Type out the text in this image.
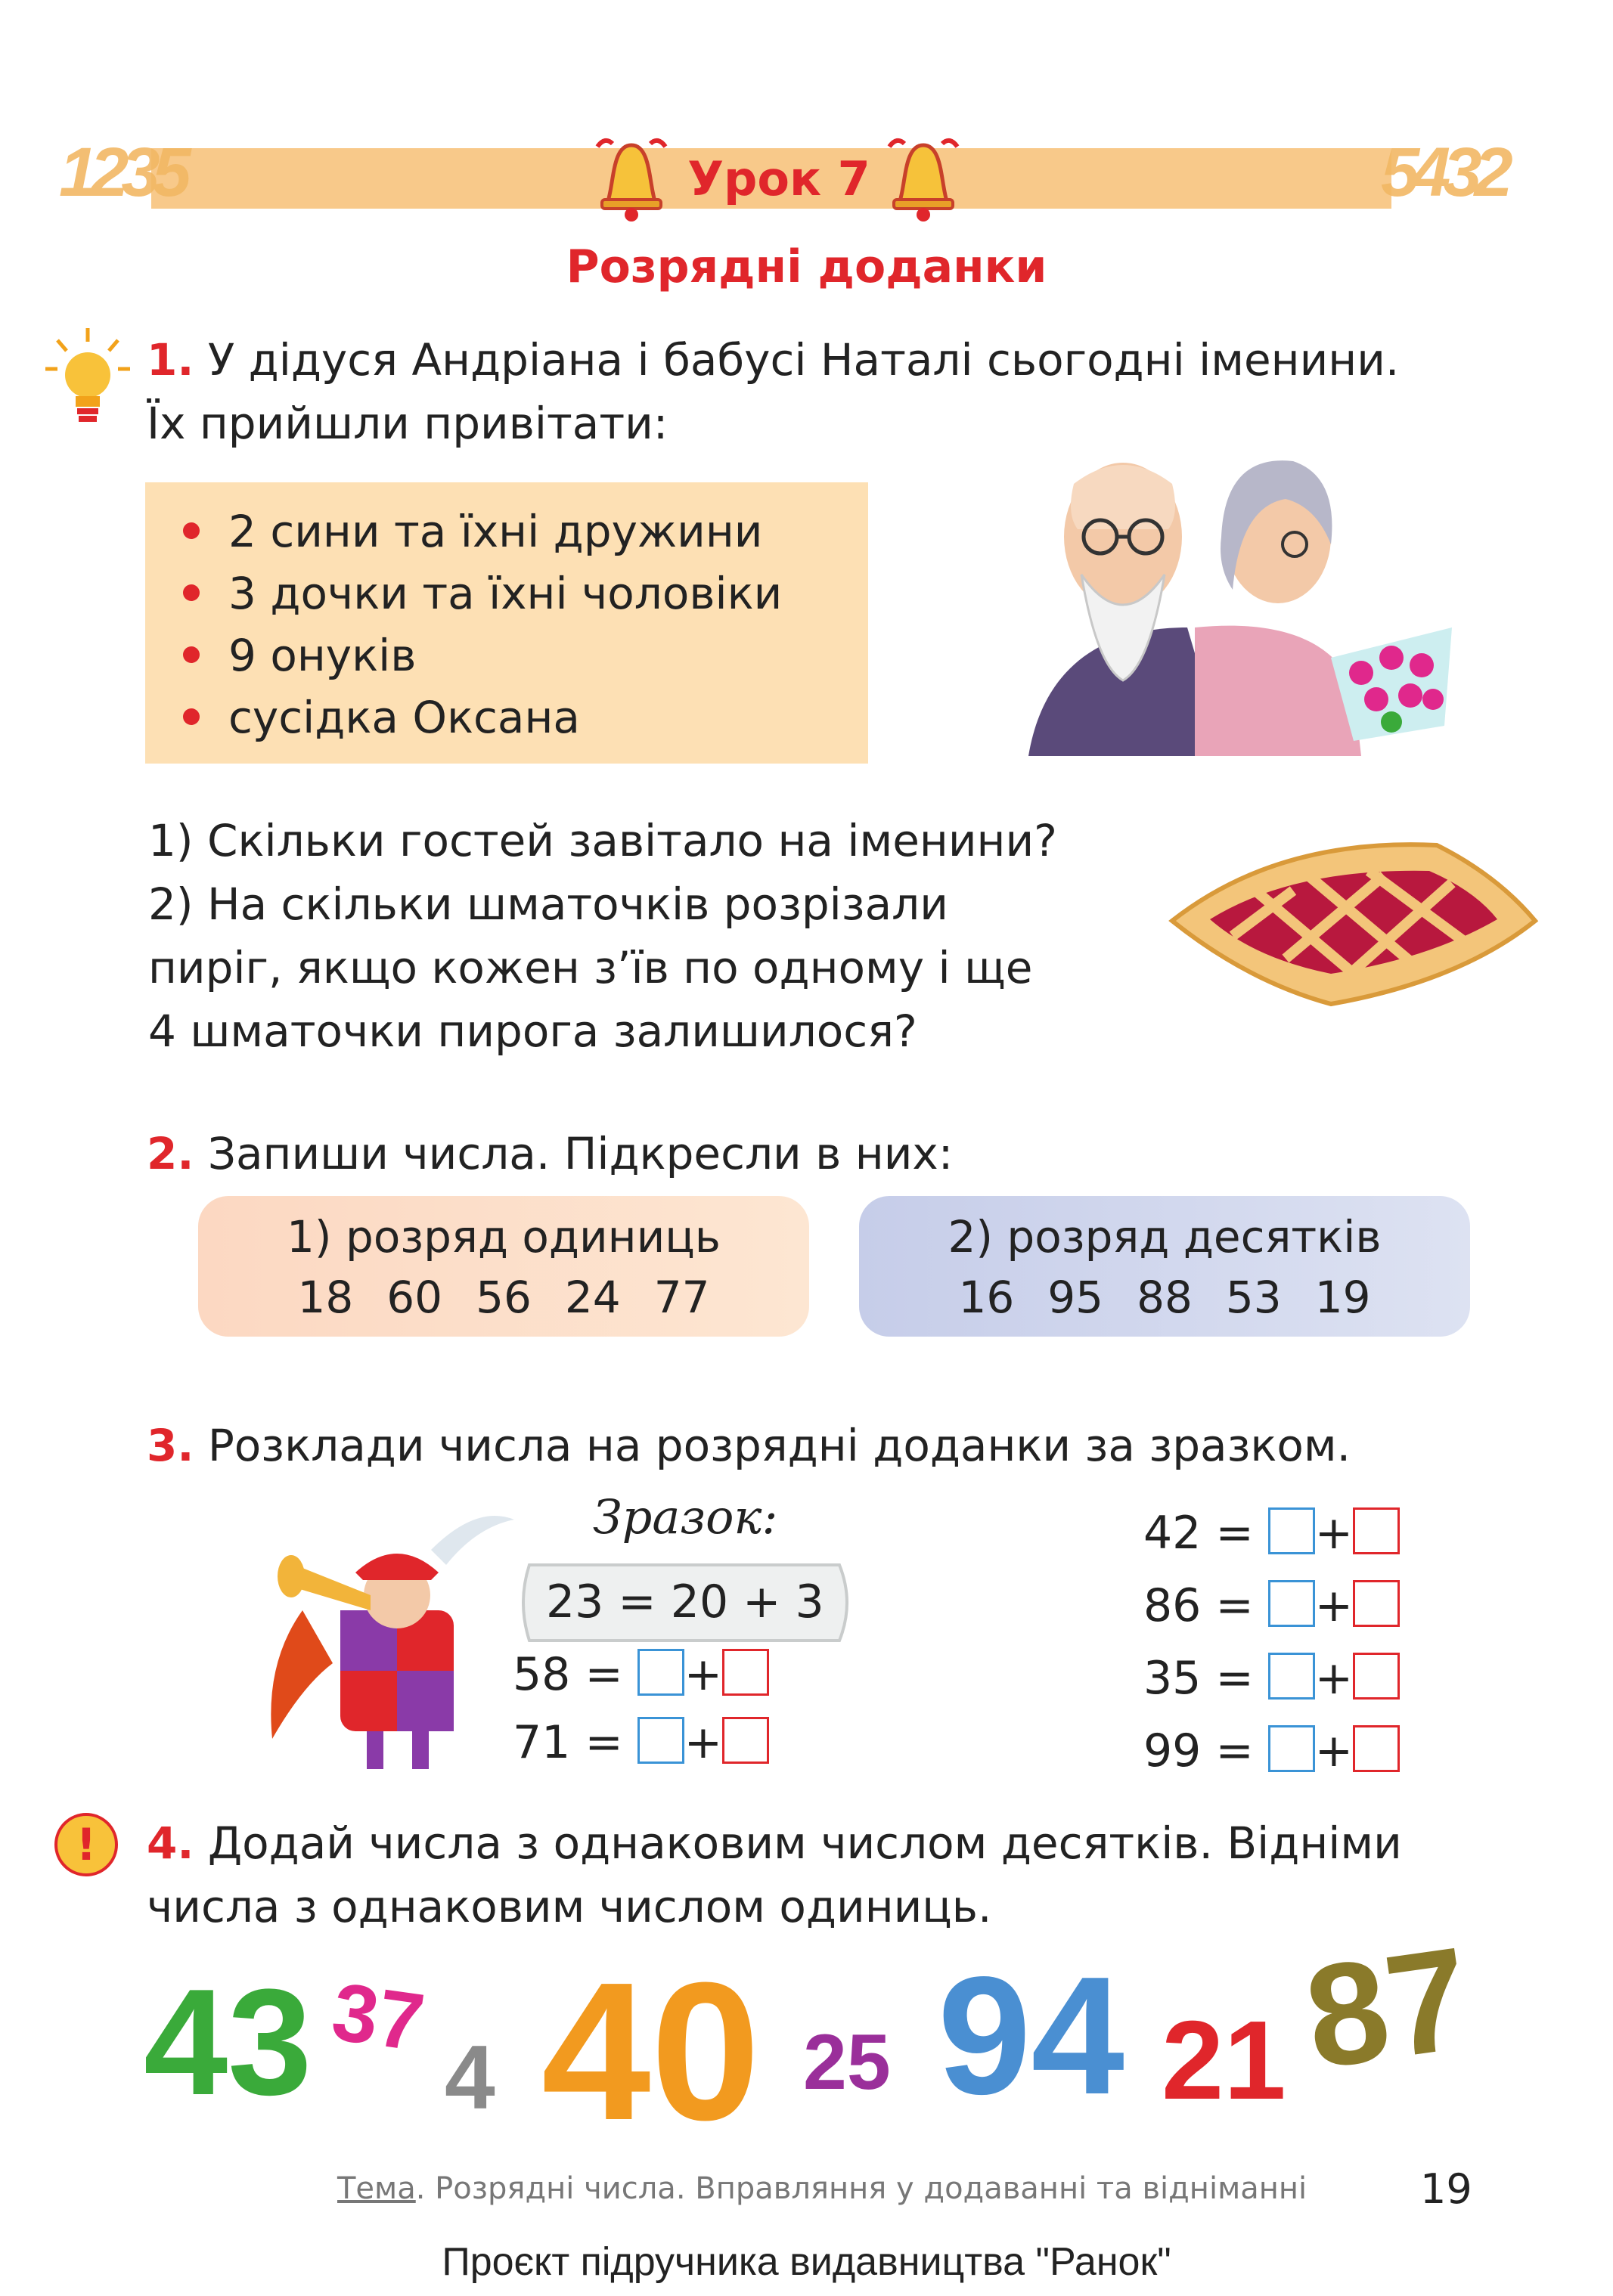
1235	5432
Урок 7
Розрядні доданки
1. У дідуся Андріана і бабусі Наталі сьогодні іменини.
Їх прийшли привітати:
2 сини та їхні дружини
3 дочки та їхні чоловіки
9 онуків
сусідка Оксана
1) Скільки гостей завітало на іменини?
2) На скільки шматочків розрізали
пиріг, якщо кожен з’їв по одному і ще
4 шматочки пирога залишилося?
2. Запиши числа. Підкресли в них:
1) розряд одиниць
18 60 56 24 77
2) розряд десятків
16 95 88 53 19
3. Розклади числа на розрядні доданки за зразком.
Зразок:
23 = 20 + 3
58 = +
71 = +
42 = +
86 = +
35 = +
99 = +
!	4. Додай числа з однаковим числом десятків. Відніми
числа з однаковим числом одиниць.
43 37
4 40 25 94 21 87
Тема. Розрядні числа. Вправляння у додаванні та відніманні	19
Проєкт підручника видавництва "Ранок"
